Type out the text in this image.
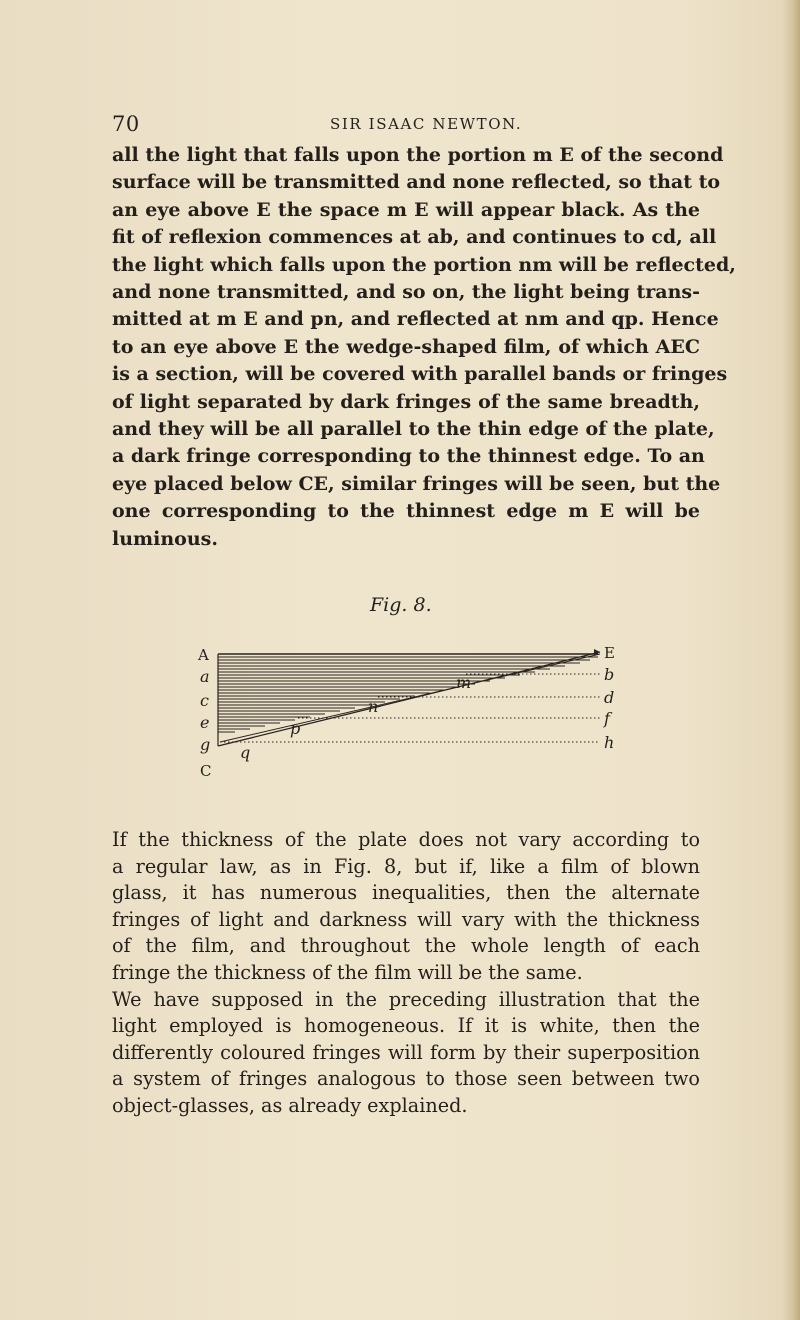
70	SIR ISAAC NEWTON.

all the light that falls upon the portion m E of the second
surface will be transmitted and none reflected, so that to
an eye above E the space m E will appear black. As the
fit of reflexion commences at ab, and continues to cd, all
the light which falls upon the portion nm will be reflected,
and none transmitted, and so on, the light being trans-
mitted at m E and pn, and reflected at nm and qp. Hence
to an eye above E the wedge-shaped film, of which AEC
is a section, will be covered with parallel bands or fringes
of light separated by dark fringes of the same breadth,
and they will be all parallel to the thin edge of the plate,
a dark fringe corresponding to the thinnest edge. To an
eye placed below CE, similar fringes will be seen, but the
one corresponding to the thinnest edge m E will be
luminous.

Fig. 8.
A
a
c
e
g
C
E
b
d
f
h
m
n
p
q

If the thickness of the plate does not vary according to
a regular law, as in Fig. 8, but if, like a film of blown
glass, it has numerous inequalities, then the alternate
fringes of light and darkness will vary with the thickness
of the film, and throughout the whole length of each
fringe the thickness of the film will be the same.
We have supposed in the preceding illustration that the
light employed is homogeneous. If it is white, then the
differently coloured fringes will form by their superposition
a system of fringes analogous to those seen between two
object-glasses, as already explained.
